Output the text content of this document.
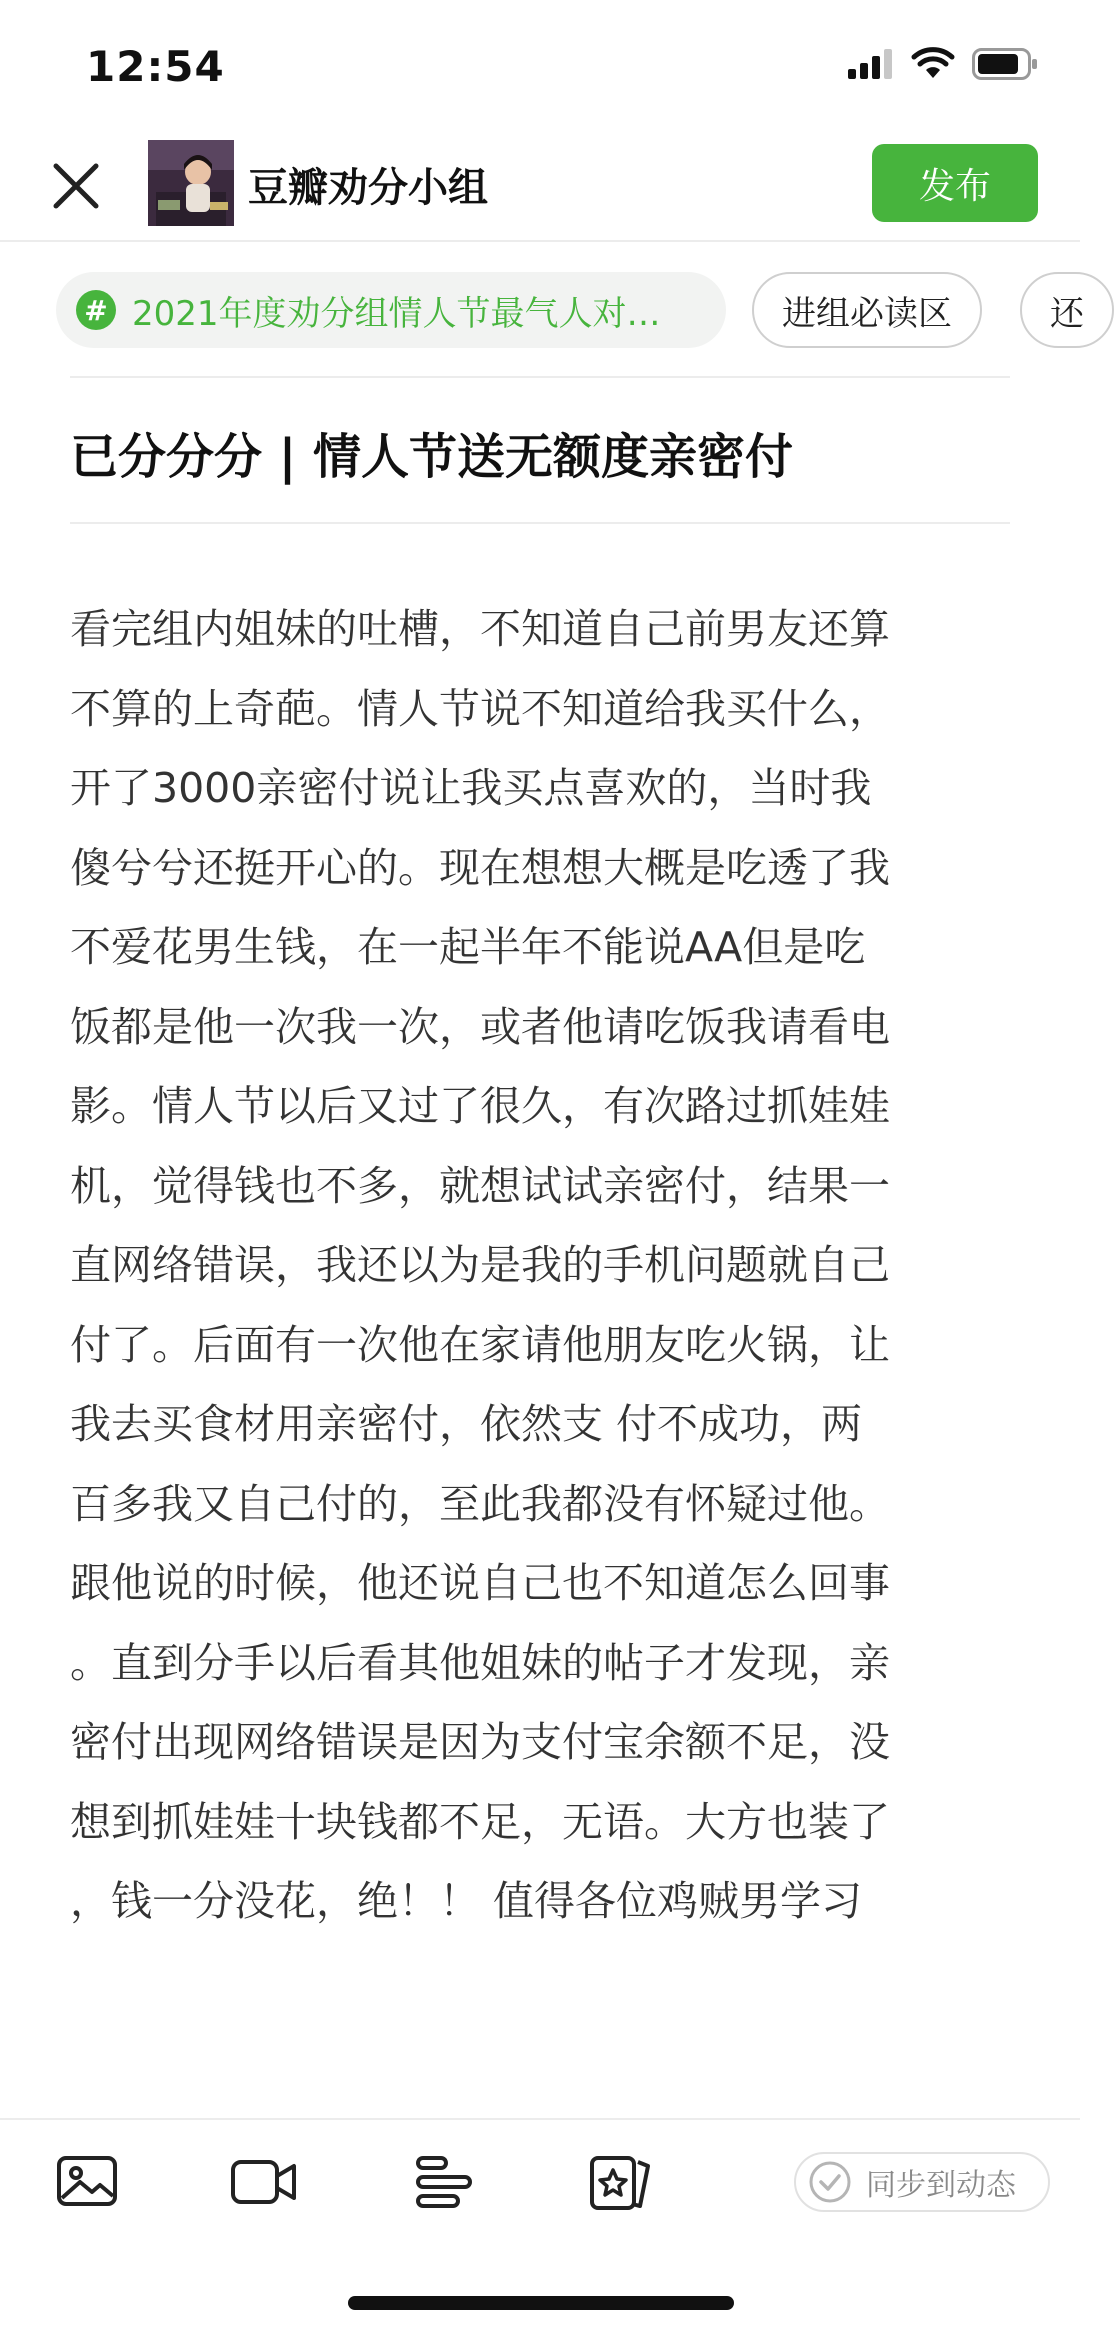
12:54
豆瓣劝分小组	发布
# 2021年度劝分组情人节最气人对…	进组必读区	还
已分分分 | 情人节送无额度亲密付
看完组内姐妹的吐槽，不知道自己前男友还算
不算的上奇葩。情人节说不知道给我买什么，
开了3000亲密付说让我买点喜欢的，当时我
傻兮兮还挺开心的。现在想想大概是吃透了我
不爱花男生钱，在一起半年不能说AA但是吃
饭都是他一次我一次，或者他请吃饭我请看电
影。情人节以后又过了很久，有次路过抓娃娃
机，觉得钱也不多，就想试试亲密付，结果一
直网络错误，我还以为是我的手机问题就自己
付了。后面有一次他在家请他朋友吃火锅，让
我去买食材用亲密付，依然支 付不成功，两
百多我又自己付的，至此我都没有怀疑过他。
跟他说的时候，他还说自己也不知道怎么回事
。直到分手以后看其他姐妹的帖子才发现，亲
密付出现网络错误是因为支付宝余额不足，没
想到抓娃娃十块钱都不足，无语。大方也装了
，钱一分没花，绝！！ 值得各位鸡贼男学习
同步到动态
